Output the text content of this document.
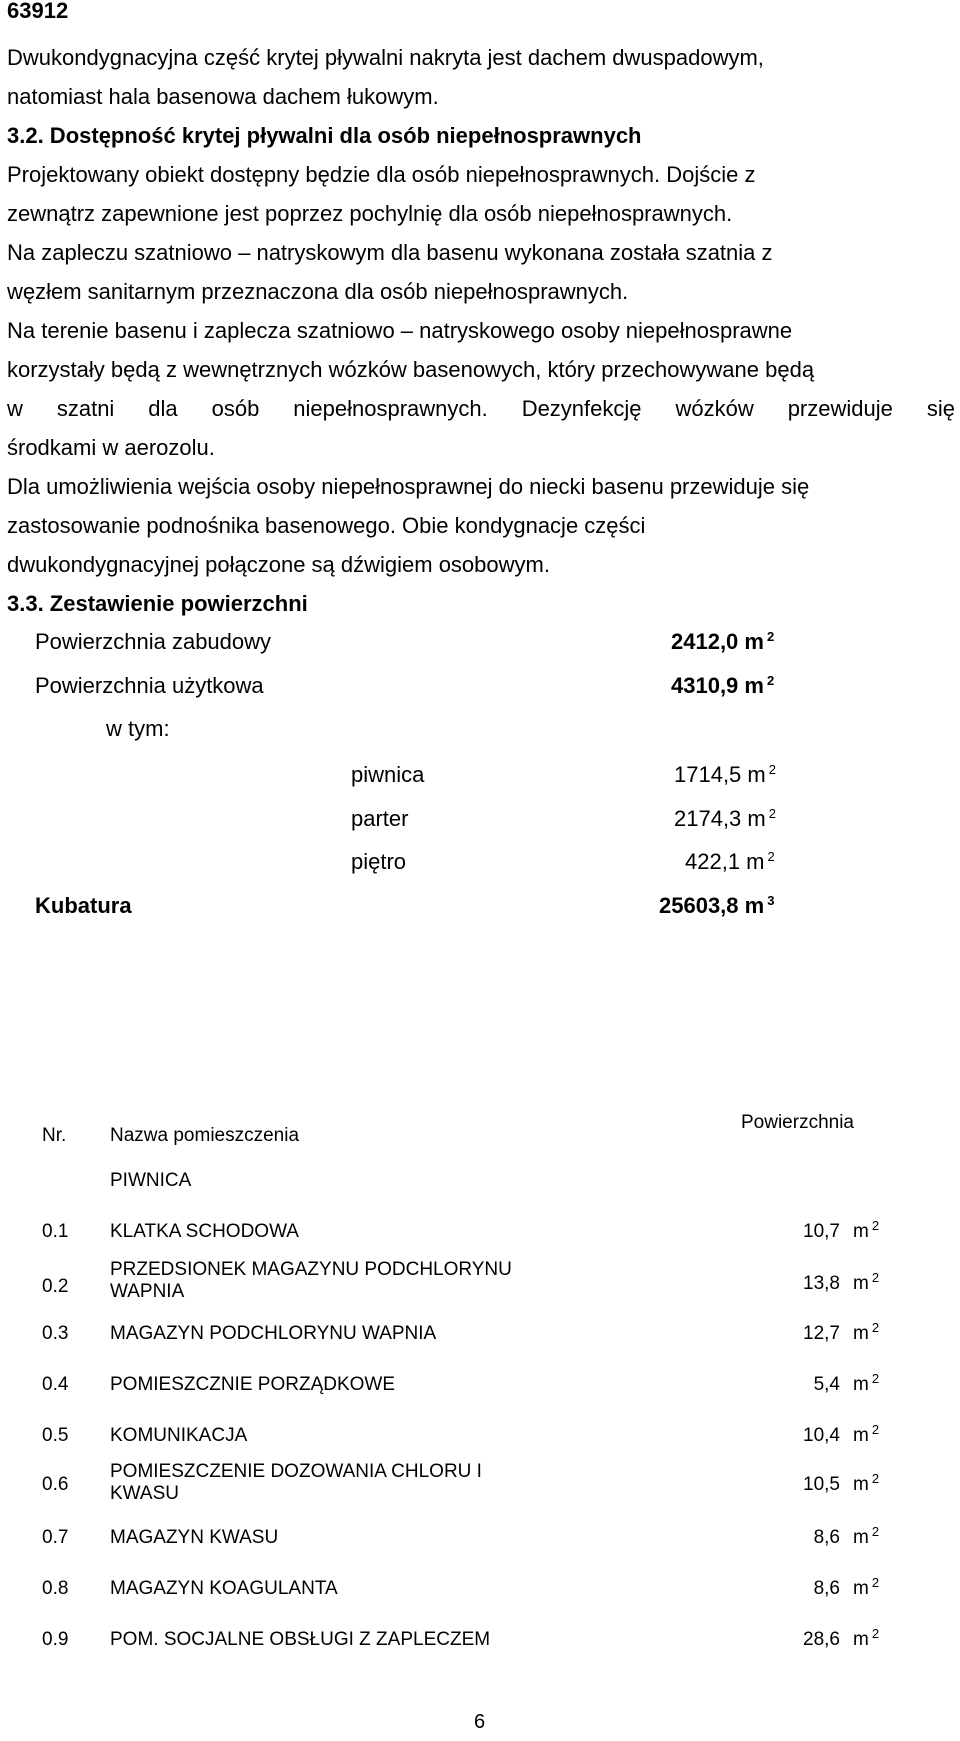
63912
Dwukondygnacyjna część krytej pływalni nakryta jest dachem dwuspadowym,
natomiast hala basenowa dachem łukowym.
3.2. Dostępność krytej pływalni dla osób niepełnosprawnych
Projektowany obiekt dostępny będzie dla osób niepełnosprawnych. Dojście z
zewnątrz zapewnione jest poprzez pochylnię dla osób niepełnosprawnych.
Na zapleczu szatniowo – natryskowym dla basenu wykonana została szatnia z
węzłem sanitarnym przeznaczona dla osób niepełnosprawnych.
Na terenie basenu i zaplecza szatniowo – natryskowego osoby niepełnosprawne
korzystały będą z wewnętrznych wózków basenowych, który przechowywane będą
w szatni dla osób niepełnosprawnych. Dezynfekcję wózków przewiduje się
środkami w aerozolu.
Dla umożliwienia wejścia osoby niepełnosprawnej do niecki basenu przewiduje się
zastosowanie podnośnika basenowego. Obie kondygnacje części
dwukondygnacyjnej połączone są dźwigiem osobowym.
3.3. Zestawienie powierzchni
Powierzchnia zabudowy	2412,0 m $^2$
Powierzchnia użytkowa	4310,9 m $^2$
w tym:
piwnica	1714,5 m $^2$
parter	2174,3 m $^2$
piętro	422,1 m $^2$
Kubatura	25603,8 m $^3$
Nr. Nazwa pomieszczenia
Powierzchnia
PIWNICA
0.1 KLATKA SCHODOWA	10,7 m $^2$
0.2
PRZEDSIONEK MAGAZYNU PODCHLORYNU
WAPNIA	13,8 m $^2$
0.3 MAGAZYN PODCHLORYNU WAPNIA	12,7 m $^2$
0.4 POMIESZCZNIE PORZĄDKOWE	5,4 m $^2$
0.5 KOMUNIKACJA	10,4 m $^2$
0.6
POMIESZCZENIE DOZOWANIA CHLORU I
KWASU	10,5 m $^2$
0.7 MAGAZYN KWASU	8,6 m $^2$
0.8 MAGAZYN KOAGULANTA	8,6 m $^2$
0.9 POM. SOCJALNE OBSŁUGI Z ZAPLECZEM	28,6 m $^2$
6
